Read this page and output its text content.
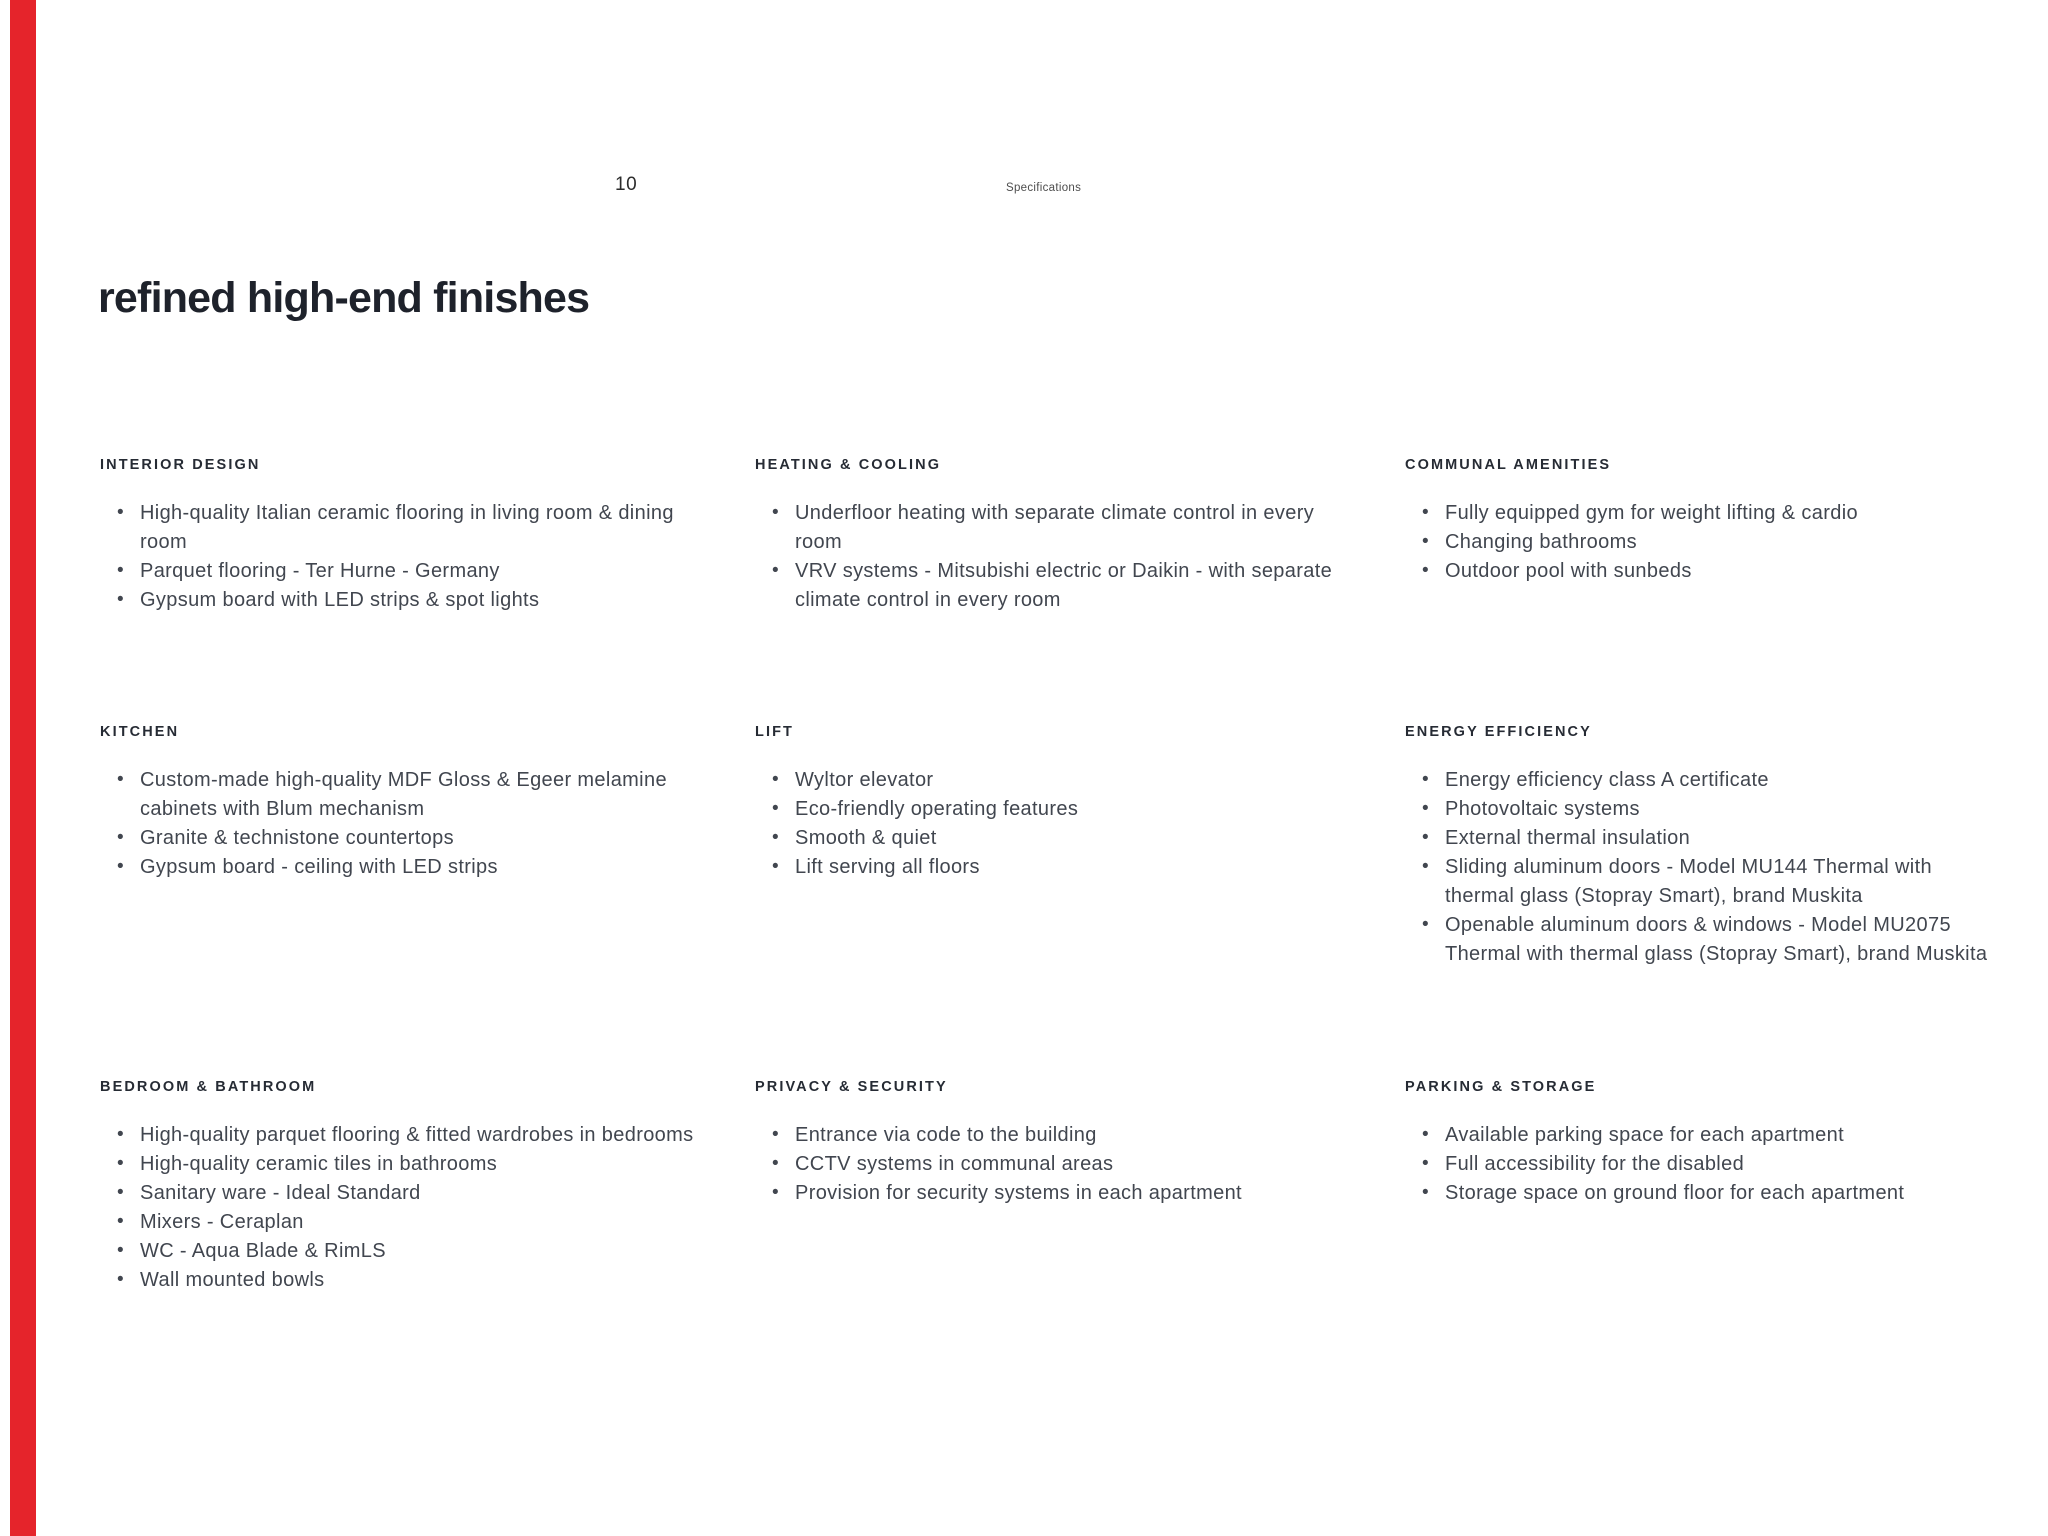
10	Specifications
refined high-end finishes
INTERIOR DESIGN
• High-quality Italian ceramic flooring in living room & dining room
• Parquet flooring - Ter Hurne - Germany
• Gypsum board with LED strips & spot lights
HEATING & COOLING
• Underfloor heating with separate climate control in every room
• VRV systems - Mitsubishi electric or Daikin - with separate climate control in every room
COMMUNAL AMENITIES
• Fully equipped gym for weight lifting & cardio
• Changing bathrooms
• Outdoor pool with sunbeds
KITCHEN
• Custom-made high-quality MDF Gloss & Egeer melamine cabinets with Blum mechanism
• Granite & technistone countertops
• Gypsum board - ceiling with LED strips
LIFT
• Wyltor elevator
• Eco-friendly operating features
• Smooth & quiet
• Lift serving all floors
ENERGY EFFICIENCY
• Energy efficiency class A certificate
• Photovoltaic systems
• External thermal insulation
• Sliding aluminum doors - Model MU144 Thermal with thermal glass (Stopray Smart), brand Muskita
• Openable aluminum doors & windows - Model MU2075 Thermal with thermal glass (Stopray Smart), brand Muskita
BEDROOM & BATHROOM
• High-quality parquet flooring & fitted wardrobes in bedrooms
• High-quality ceramic tiles in bathrooms
• Sanitary ware - Ideal Standard
• Mixers - Ceraplan
• WC - Aqua Blade & RimLS
• Wall mounted bowls
PRIVACY & SECURITY
• Entrance via code to the building
• CCTV systems in communal areas
• Provision for security systems in each apartment
PARKING & STORAGE
• Available parking space for each apartment
• Full accessibility for the disabled
• Storage space on ground floor for each apartment
